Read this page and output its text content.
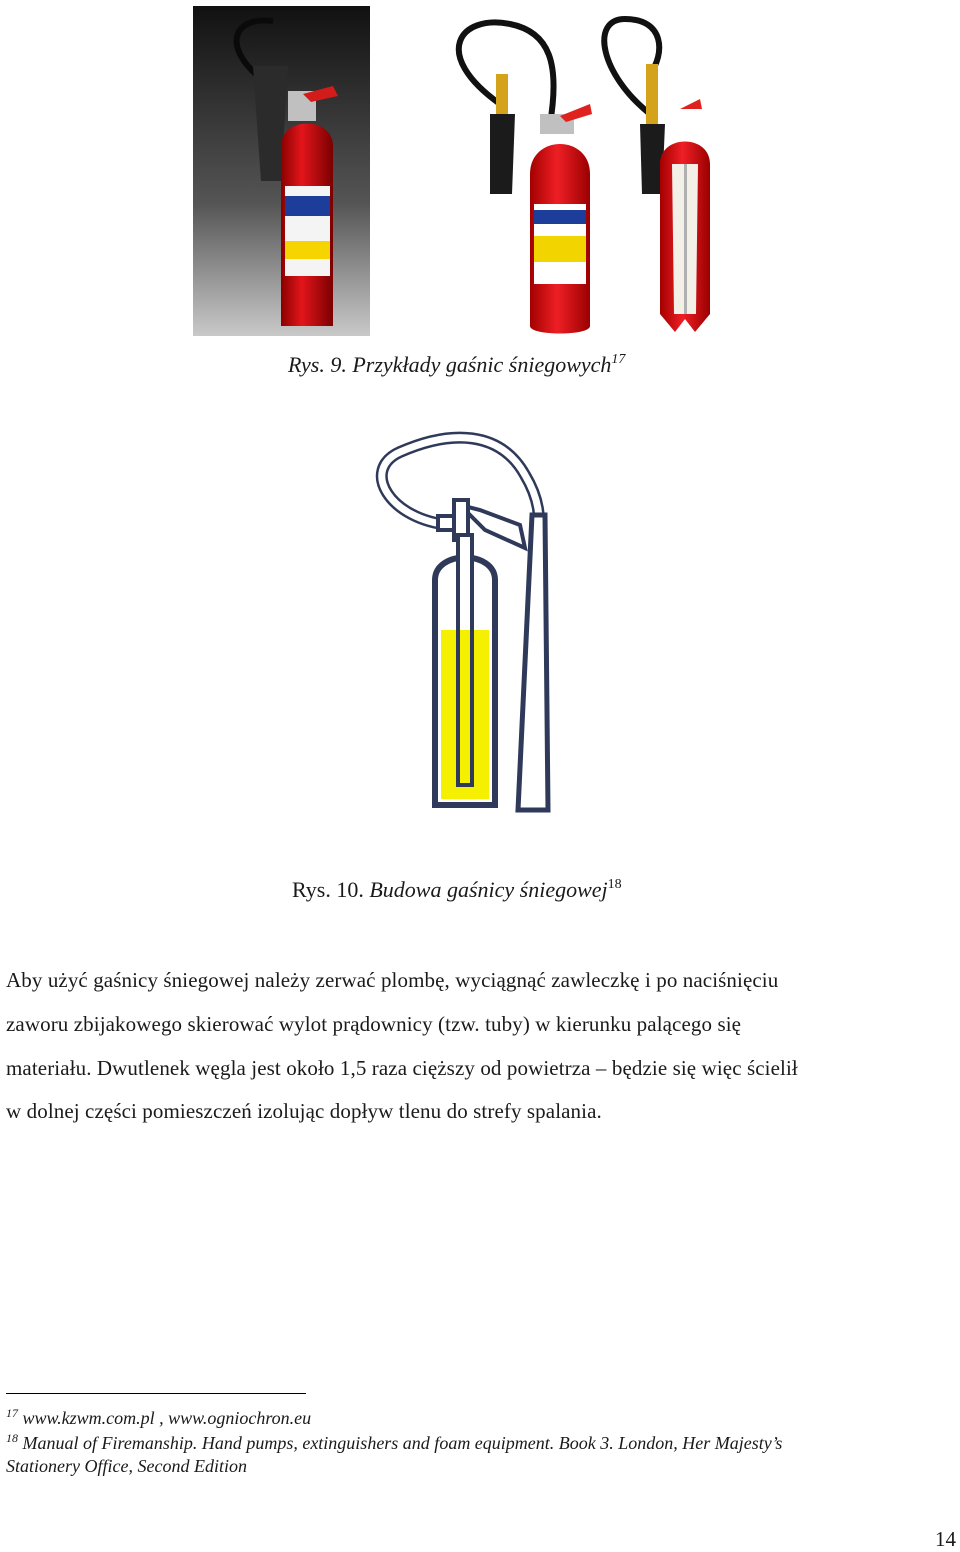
Rys. 9. Przykłady gaśnic śniegowych$^{17}$
Rys. 10. Budowa gaśnicy śniegowej$^{18}$
Aby użyć gaśnicy śniegowej należy zerwać plombę, wyciągnąć zawleczkę i po naciśnięciu
zaworu zbijakowego skierować wylot prądownicy (tzw. tuby) w kierunku palącego się
materiału. Dwutlenek węgla jest około 1,5 raza cięższy od powietrza – będzie się więc ścielił
w dolnej części pomieszczeń izolując dopływ tlenu do strefy spalania.
$^{17}$ www.kzwm.com.pl , www.ogniochron.eu
$^{18}$ Manual of Firemanship. Hand pumps, extinguishers and foam equipment. Book 3. London, Her Majesty’s
Stationery Office, Second Edition
14
